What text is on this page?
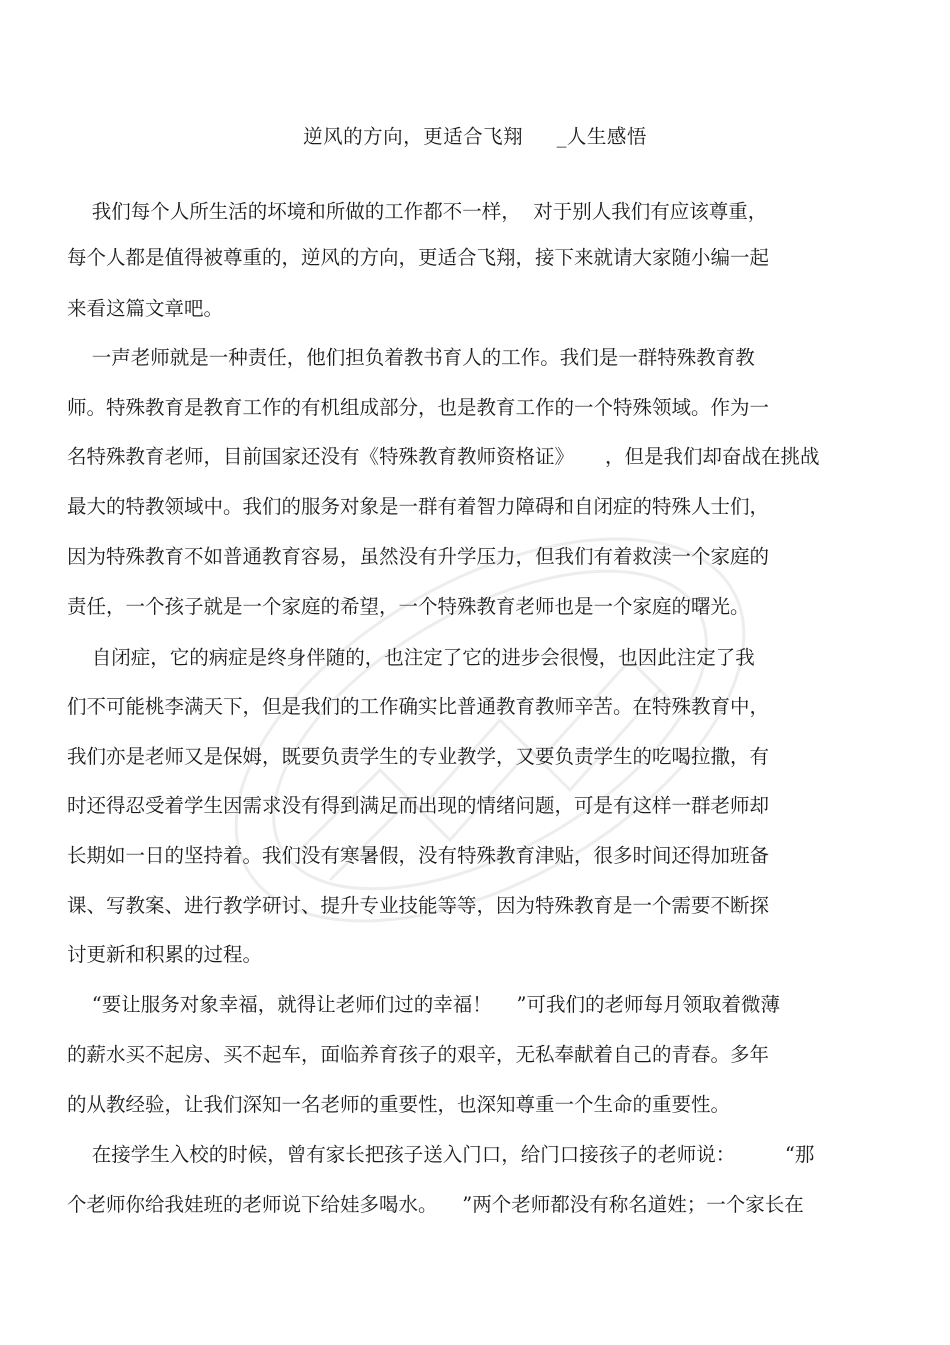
逆风的方向，更适合飞翔     _人生感悟

我们每个人所生活的坏境和所做的工作都不一样，  对于别人我们有应该尊重，

每个人都是值得被尊重的，逆风的方向，更适合飞翔，接下来就请大家随小编一起

来看这篇文章吧。

一声老师就是一种责任，他们担负着教书育人的工作。我们是一群特殊教育教

师。特殊教育是教育工作的有机组成部分，也是教育工作的一个特殊领域。作为一

名特殊教育老师，目前国家还没有《特殊教育教师资格证》     ，但是我们却奋战在挑战

最大的特教领域中。我们的服务对象是一群有着智力障碍和自闭症的特殊人士们，

因为特殊教育不如普通教育容易，虽然没有升学压力，但我们有着救渎一个家庭的

责任，一个孩子就是一个家庭的希望，一个特殊教育老师也是一个家庭的曙光。

自闭症，它的病症是终身伴随的，也注定了它的进步会很慢，也因此注定了我

们不可能桃李满天下，但是我们的工作确实比普通教育教师辛苦。在特殊教育中，

我们亦是老师又是保姆，既要负责学生的专业教学，又要负责学生的吃喝拉撒，有

时还得忍受着学生因需求没有得到满足而出现的情绪问题，可是有这样一群老师却

长期如一日的坚持着。我们没有寒暑假，没有特殊教育津贴，很多时间还得加班备

课、写教案、进行教学研讨、提升专业技能等等，因为特殊教育是一个需要不断探

讨更新和积累的过程。

“要让服务对象幸福，就得让老师们过的幸福！    ”可我们的老师每月领取着微薄

的薪水买不起房、买不起车，面临养育孩子的艰辛，无私奉献着自己的青春。多年

的从教经验，让我们深知一名老师的重要性，也深知尊重一个生命的重要性。

在接学生入校的时候，曾有家长把孩子送入门口，给门口接孩子的老师说：        “那

个老师你给我娃班的老师说下给娃多喝水。    ”两个老师都没有称名道姓；一个家长在
